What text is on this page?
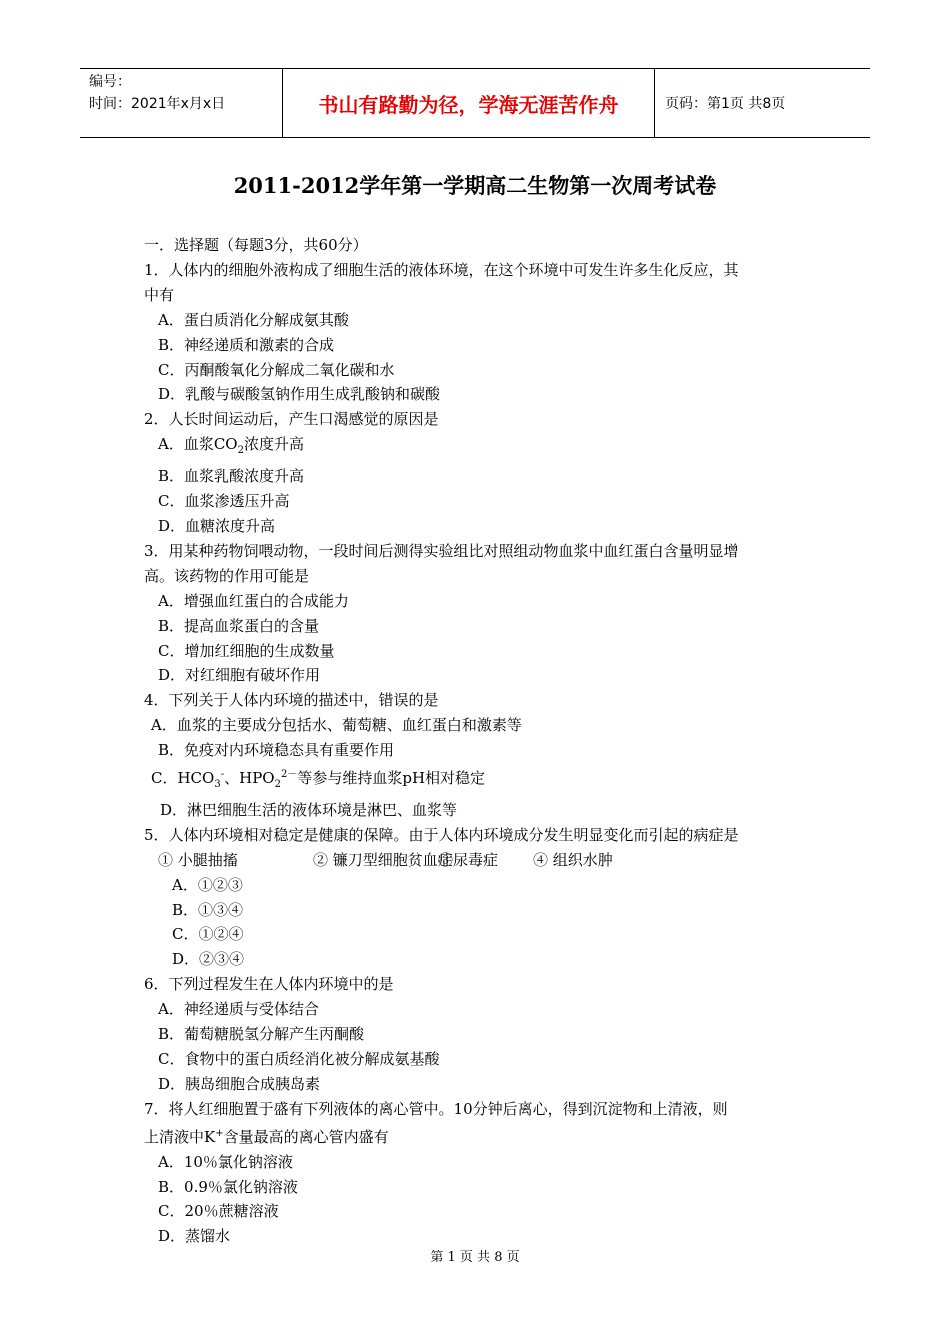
编号：
时间：2021年x月x日	书山有路勤为径，学海无涯苦作舟	页码：第1页 共8页
2011-2012学年第一学期高二生物第一次周考试卷
一．选择题（每题3分，共60分）
1．人体内的细胞外液构成了细胞生活的液体环境，在这个环境中可发生许多生化反应，其
中有
A．蛋白质消化分解成氨其酸
B．神经递质和激素的合成
C．丙酮酸氧化分解成二氧化碳和水
D．乳酸与碳酸氢钠作用生成乳酸钠和碳酸
2．人长时间运动后，产生口渴感觉的原因是
A．血浆$CO_2$浓度升高
B．血浆乳酸浓度升高
C．血浆渗透压升高
D．血糖浓度升高
3．用某种药物饲喂动物，一段时间后测得实验组比对照组动物血浆中血红蛋白含量明显增
高。该药物的作用可能是
A．增强血红蛋白的合成能力
B．提高血浆蛋白的含量
C．增加红细胞的生成数量
D．对红细胞有破坏作用
4．下列关于人体内环境的描述中，错误的是
A．血浆的主要成分包括水、葡萄糖、血红蛋白和激素等
B．免疫对内环境稳态具有重要作用
C．$HCO_3^-$、$HPO_2^{2-}$等参与维持血浆pH相对稳定
D．淋巴细胞生活的液体环境是淋巴、血浆等
5．人体内环境相对稳定是健康的保障。由于人体内环境成分发生明显变化而引起的病症是
① 小腿抽搐	② 镰刀型细胞贫血症③尿毒症 ④ 组织水肿
A．①②③
B．①③④
C．①②④
D．②③④
6．下列过程发生在人体内环境中的是
A．神经递质与受体结合
B．葡萄糖脱氢分解产生丙酮酸
C．食物中的蛋白质经消化被分解成氨基酸
D．胰岛细胞合成胰岛素
7．将人红细胞置于盛有下列液体的离心管中。10分钟后离心，得到沉淀物和上清液，则
上清液中K+含量最高的离心管内盛有
A．10％氯化钠溶液
B．0.9％氯化钠溶液
C．20％蔗糖溶液
D．蒸馏水
第 1 页 共 8 页
